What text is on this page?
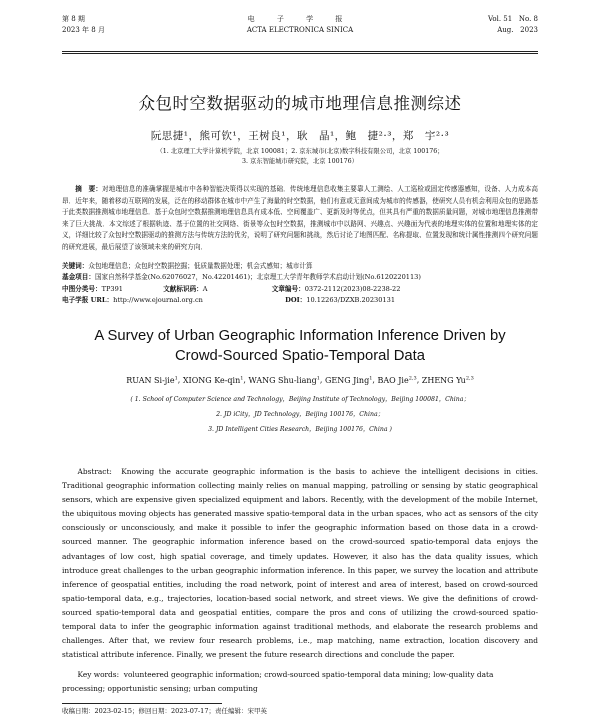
第 8 期
2023 年 8 月
电 子 学 报
ACTA ELECTRONICA SINICA
Vol. 51   No. 8
Aug.   2023
众包时空数据驱动的城市地理信息推测综述
阮思捷¹，熊可钦¹，王树良¹，耿　晶¹，鲍　捷²·³，郑　宇²·³
（1. 北京理工大学计算机学院，北京 100081；2. 京东城市(北京)数字科技有限公司，北京 100176；
3. 京东智能城市研究院，北京 100176）
摘　要：对地理信息的准确掌握是城市中各种智能决策得以实现的基础．传统地理信息收集主要靠人工测绘、人工巡检或固定传感器感知，设备、人力成本高昂．近年来，随着移动互联网的发展，泛在的移动群体在城市中产生了海量的时空数据，他们有意或无意间成为城市的传感器，使研究人员有机会利用众包的思路基于此类数据推测城市地理信息．基于众包时空数据推测地理信息具有成本低、空间覆盖广、更新及时等优点，但其具有严重的数据质量问题，对城市地理信息推测带来了巨大挑战．本文综述了根据轨迹、基于位置的社交网络、街景等众包时空数据，推测城市中以路网、兴趣点、兴趣面为代表的地理实体的位置和地理实体的定义，详细比较了众包时空数据驱动的推测方法与传统方法的优劣，说明了研究问题和挑战，然后讨论了地图匹配、名称提取、位置发现和统计属性推测四个研究问题的研究进展，最后展望了该领域未来的研究方向．
关键词：众包地理信息；众包时空数据挖掘；低质量数据处理；机会式感知；城市计算
基金项目：国家自然科学基金(No.62076027，No.42201461)；北京理工大学青年教师学术启动计划(No.6120220113)
中图分类号：TP391	文献标识码：A	文章编号：0372-2112(2023)08-2238-22
电子学报 URL：http://www.ejournal.org.cn	DOI：10.12263/DZXB.20230131
A Survey of Urban Geographic Information Inference Driven by
Crowd-Sourced Spatio-Temporal Data
RUAN Si-jie$^1$, XIONG Ke-qin$^1$, WANG Shu-liang$^1$, GENG Jing$^1$, BAO Jie$^{2,3}$, ZHENG Yu$^{2,3}$
( 1. School of Computer Science and Technology，Beijing Institute of Technology，Beijing 100081，China；
2. JD iCity，JD Technology，Beijing 100176，China；
3. JD Intelligent Cities Research，Beijing 100176，China )
Abstract: Knowing the accurate geographic information is the basis to achieve the intelligent decisions in cities. Traditional geographic information collecting mainly relies on manual mapping, patrolling or sensing by static geographical sensors, which are expensive given specialized equipment and labors. Recently, with the development of the mobile Internet, the ubiquitous moving objects has generated massive spatio-temporal data in the urban spaces, who act as sensors of the city consciously or unconsciously, and make it possible to infer the geographic information based on those data in a crowd-sourced manner. The geographic information inference based on the crowd-sourced spatio-temporal data enjoys the advantages of low cost, high spatial coverage, and timely updates. However, it also has the data quality issues, which introduce great challenges to the urban geographic information inference. In this paper, we survey the location and attribute inference of geospatial entities, including the road network, point of interest and area of interest, based on crowd-sourced spatio-temporal data, e.g., trajectories, location-based social network, and street views. We give the definitions of crowd-sourced spatio-temporal data and geospatial entities, compare the pros and cons of utilizing the crowd-sourced spatio-temporal data to infer the geographic information against traditional methods, and elaborate the research problems and challenges. After that, we review four research problems, i.e., map matching, name extraction, location discovery and statistical attribute inference. Finally, we present the future research directions and conclude the paper.
Key words: volunteered geographic information; crowd-sourced spatio-temporal data mining; low-quality data processing; opportunistic sensing; urban computing
收稿日期：2023-02-15；修回日期：2023-07-17；责任编辑：宋甲英
